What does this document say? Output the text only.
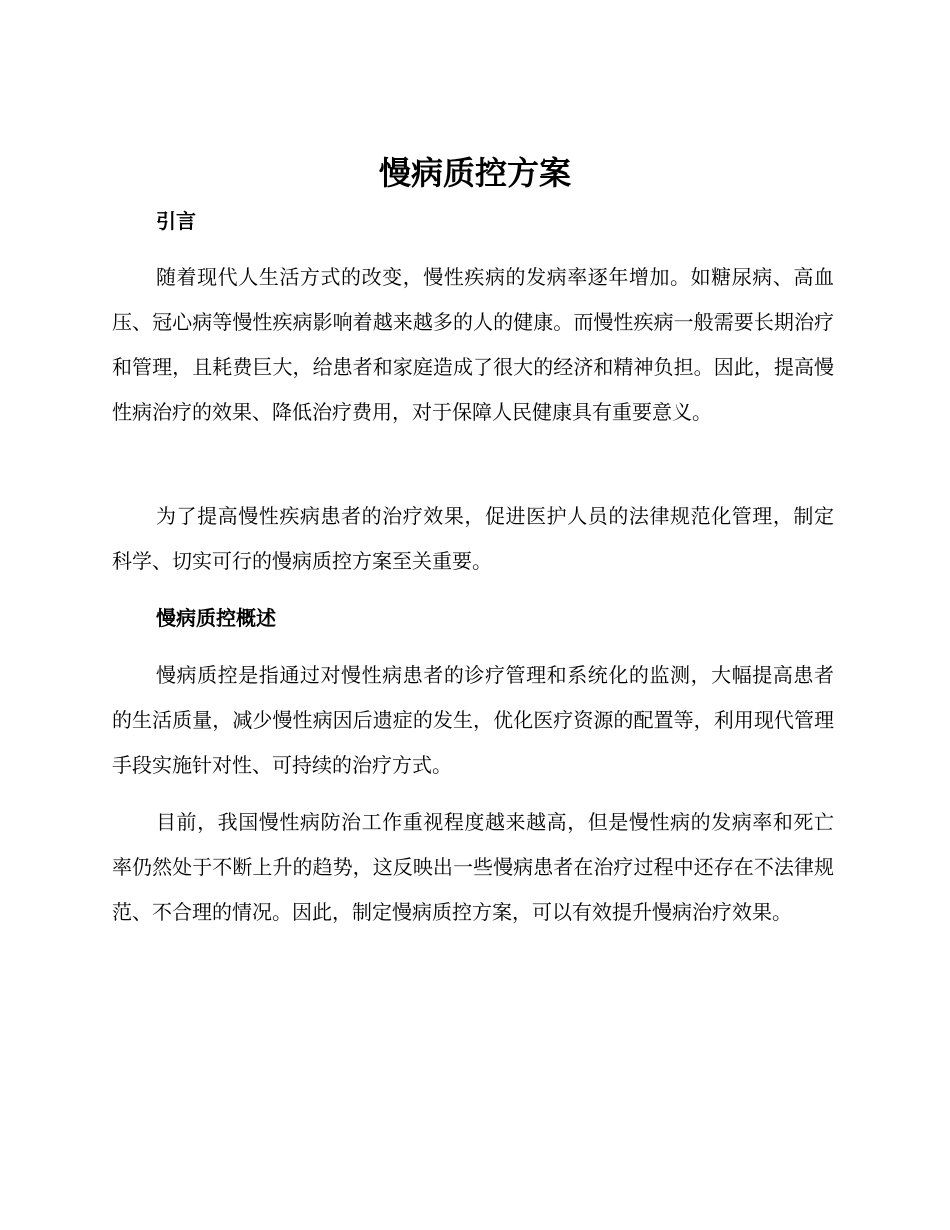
慢病质控方案
引言

随着现代人生活方式的改变，慢性疾病的发病率逐年增加。如糖尿病、高血压、冠心病等慢性疾病影响着越来越多的人的健康。而慢性疾病一般需要长期治疗和管理，且耗费巨大，给患者和家庭造成了很大的经济和精神负担。因此，提高慢性病治疗的效果、降低治疗费用，对于保障人民健康具有重要意义。

为了提高慢性疾病患者的治疗效果，促进医护人员的法律规范化管理，制定科学、切实可行的慢病质控方案至关重要。

慢病质控概述

慢病质控是指通过对慢性病患者的诊疗管理和系统化的监测，大幅提高患者的生活质量，减少慢性病因后遗症的发生，优化医疗资源的配置等，利用现代管理手段实施针对性、可持续的治疗方式。

目前，我国慢性病防治工作重视程度越来越高，但是慢性病的发病率和死亡率仍然处于不断上升的趋势，这反映出一些慢病患者在治疗过程中还存在不法律规范、不合理的情况。因此，制定慢病质控方案，可以有效提升慢病治疗效果。
